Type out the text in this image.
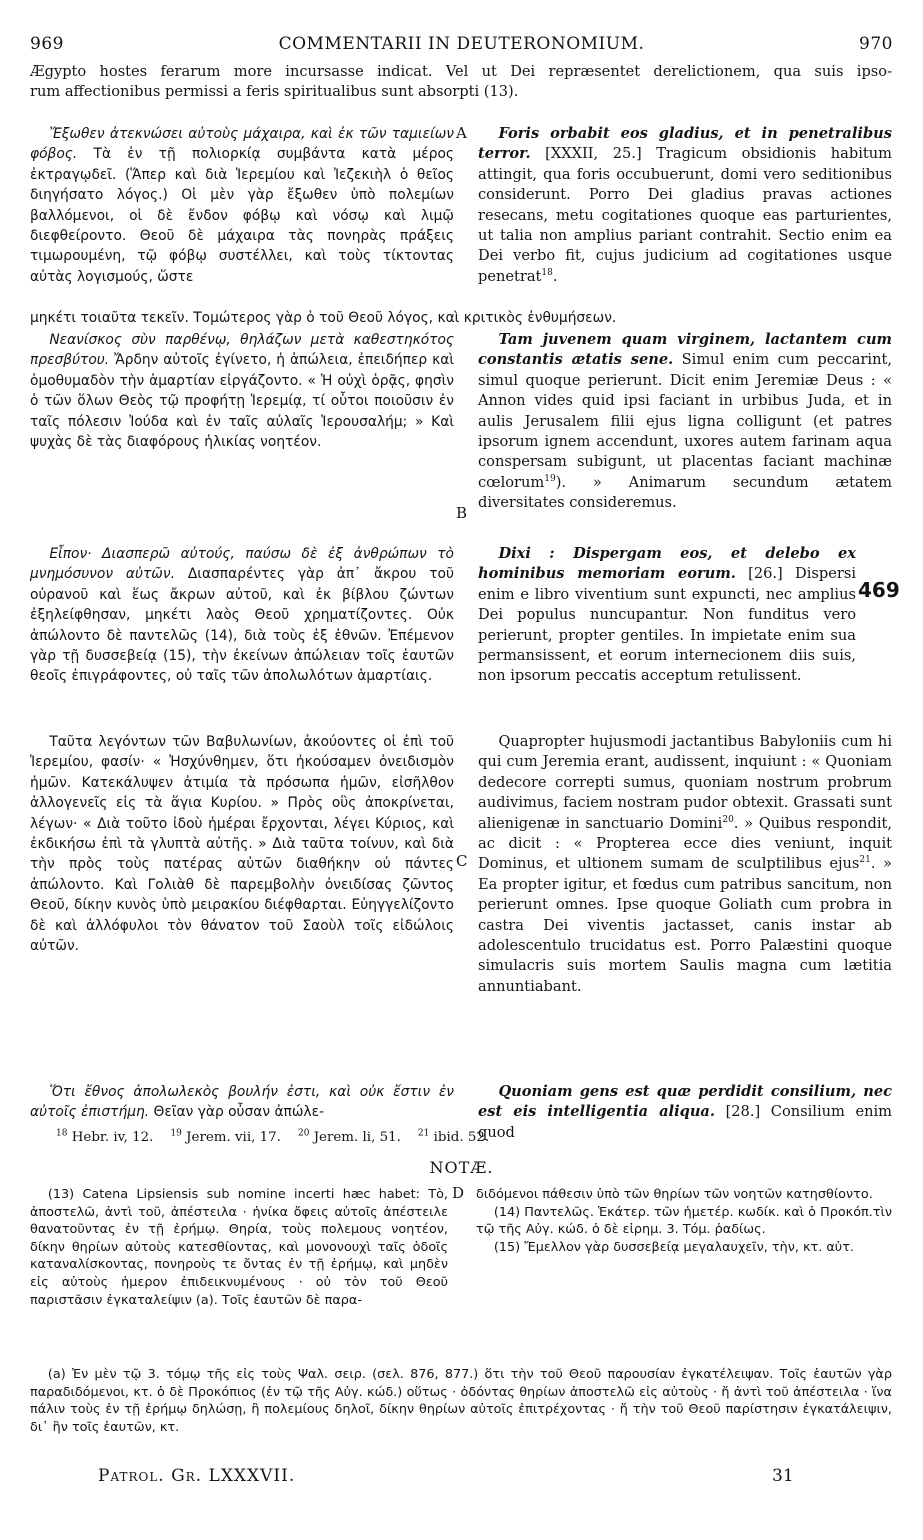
969	COMMENTARII IN DEUTERONOMIUM.	970

Ægypto hostes ferarum more incursasse indicat. Vel ut Dei repræsentet derelictionem, qua suis ipso-

rum affectionibus permissi a feris spiritualibus sunt absorpti (13).

A
B
C
D
469

Ἔξωθεν ἀτεκνώσει αὐτοὺς μάχαιρα, καὶ ἐκ τῶν ταμιείων φόβος. Τὰ ἐν τῇ πολιορκίᾳ συμβάντα κατὰ μέρος ἐκτραγῳδεῖ. (Ἅπερ καὶ διὰ Ἱερεμίου καὶ Ἰεζεκιὴλ ὁ θεῖος διηγήσατο λόγος.) Οἱ μὲν γὰρ ἔξωθεν ὑπὸ πολεμίων βαλλόμενοι, οἱ δὲ ἔνδον φόβῳ καὶ νόσῳ καὶ λιμῷ διεφθείροντο. Θεοῦ δὲ μάχαιρα τὰς πονηρὰς πράξεις τιμωρουμένη, τῷ φόβῳ συστέλλει, καὶ τοὺς τίκτοντας αὐτὰς λογισμούς, ὥστε

Foris orbabit eos gladius, et in penetralibus terror. [XXXII, 25.] Tragicum obsidionis habitum attingit, qua foris occubuerunt, domi vero seditionibus considerunt. Porro Dei gladius pravas actiones resecans, metu cogitationes quoque eas parturientes, ut talia non amplius pariant contrahit. Sectio enim ea Dei verbo fit, cujus judicium ad cogitationes usque penetrat$^{18}$.

μηκέτι τοιαῦτα τεκεῖν. Τομώτερος γὰρ ὁ τοῦ Θεοῦ λόγος, καὶ κριτικὸς ἐνθυμήσεων.

Νεανίσκος σὺν παρθένῳ, θηλάζων μετὰ καθεστηκότος πρεσβύτου. Ἄρδην αὐτοῖς ἐγίνετο, ἡ ἀπώλεια, ἐπειδήπερ καὶ ὁμοθυμαδὸν τὴν ἁμαρτίαν εἰργάζοντο. « Ἡ οὐχὶ ὁρᾷς, φησὶν ὁ τῶν ὅλων Θεὸς τῷ προφήτῃ Ἱερεμίᾳ, τί οὗτοι ποιοῦσιν ἐν ταῖς πόλεσιν Ἰούδα καὶ ἐν ταῖς αὐλαῖς Ἱερουσαλήμ; » Καὶ ψυχὰς δὲ τὰς διαφόρους ἡλικίας νοητέον.

Tam juvenem quam virginem, lactantem cum constantis ætatis sene. Simul enim cum peccarint, simul quoque perierunt. Dicit enim Jeremiæ Deus : « Annon vides quid ipsi faciant in urbibus Juda, et in aulis Jerusalem filii ejus ligna colligunt (et patres ipsorum ignem accendunt, uxores autem farinam aqua conspersam subigunt, ut placentas faciant machinæ cœlorum$^{19}$). » Animarum secundum ætatem diversitates consideremus.

Εἶπον· Διασπερῶ αὐτούς, παύσω δὲ ἐξ ἀνθρώπων τὸ μνημόσυνον αὐτῶν. Διασπαρέντες γὰρ ἀπ᾽ ἄκρου τοῦ οὐρανοῦ καὶ ἕως ἄκρων αὐτοῦ, καὶ ἐκ βίβλου ζώντων ἐξηλείφθησαν, μηκέτι λαὸς Θεοῦ χρηματίζοντες. Οὐκ ἀπώλοντο δὲ παντελῶς (14), διὰ τοὺς ἐξ ἐθνῶν. Ἐπέμενον γὰρ τῇ δυσσεβείᾳ (15), τὴν ἐκείνων ἀπώλειαν τοῖς ἑαυτῶν θεοῖς ἐπιγράφοντες, οὐ ταῖς τῶν ἀπολωλότων ἁμαρτίαις.

Dixi : Dispergam eos, et delebo ex hominibus memoriam eorum. [26.] Dispersi enim e libro viventium sunt expuncti, nec amplius Dei populus nuncupantur. Non funditus vero perierunt, propter gentiles. In impietate enim sua permansissent, et eorum internecionem diis suis, non ipsorum peccatis acceptum retulissent.

Ταῦτα λεγόντων τῶν Βαβυλωνίων, ἀκούοντες οἱ ἐπὶ τοῦ Ἱερεμίου, φασίν· « Ἠσχύνθημεν, ὅτι ἠκούσαμεν ὀνειδισμὸν ἡμῶν. Κατεκάλυψεν ἀτιμία τὰ πρόσωπα ἡμῶν, εἰσῆλθον ἀλλογενεῖς εἰς τὰ ἅγια Κυρίου. » Πρὸς οὓς ἀποκρίνεται, λέγων· « Διὰ τοῦτο ἰδοὺ ἡμέραι ἔρχονται, λέγει Κύριος, καὶ ἐκδικήσω ἐπὶ τὰ γλυπτὰ αὐτῆς. » Διὰ ταῦτα τοίνυν, καὶ διὰ τὴν πρὸς τοὺς πατέρας αὐτῶν διαθήκην οὐ πάντες ἀπώλοντο. Καὶ Γολιὰθ δὲ παρεμβολὴν ὀνειδίσας ζῶντος Θεοῦ, δίκην κυνὸς ὑπὸ μειρακίου διέφθαρται. Εὐηγγελίζοντο δὲ καὶ ἀλλόφυλοι τὸν θάνατον τοῦ Σαοὺλ τοῖς εἰδώλοις αὐτῶν.

Quapropter hujusmodi jactantibus Babyloniis cum hi qui cum Jeremia erant, audissent, inquiunt : « Quoniam dedecore correpti sumus, quoniam nostrum probrum audivimus, faciem nostram pudor obtexit. Grassati sunt alienigenæ in sanctuario Domini$^{20}$. » Quibus respondit, ac dicit : « Propterea ecce dies veniunt, inquit Dominus, et ultionem sumam de sculptilibus ejus$^{21}$. » Ea propter igitur, et fœdus cum patribus sancitum, non perierunt omnes. Ipse quoque Goliath cum probra in castra Dei viventis jactasset, canis instar ab adolescentulo trucidatus est. Porro Palæstini quoque simulacris suis mortem Saulis magna cum lætitia annuntiabant.

Ὅτι ἔθνος ἀπολωλεκὸς βουλήν ἐστι, καὶ οὐκ ἔστιν ἐν αὐτοῖς ἐπιστήμη. Θεῖαν γὰρ οὖσαν ἀπώλε-

Quoniam gens est quæ perdidit consilium, nec est eis intelligentia aliqua. [28.] Consilium enim quod

$^{18}$ Hebr. iv, 12. $^{19}$ Jerem. vii, 17. $^{20}$ Jerem. li, 51. $^{21}$ ibid. 52.
NOTÆ.

(13) Catena Lipsiensis sub nomine incerti hæc habet: Τὸ, ἀποστελῶ, ἀντὶ τοῦ, ἀπέστειλα · ἡνίκα ὄφεις αὐτοῖς ἀπέστειλε θανατοῦντας ἐν τῇ ἐρήμῳ. Θηρία, τοὺς πολεμους νοητέον, δίκην θηρίων αὐτοὺς κατεσθίοντας, καὶ μονονουχὶ ταῖς ὁδοῖς καταναλίσκοντας, πονηροὺς τε ὄντας ἐν τῇ ἐρήμῳ, καὶ μηδὲν εἰς αὐτοὺς ἡμερον ἐπιδεικνυμένους · οὐ τὸν τοῦ Θεοῦ παριστᾶσιν ἐγκαταλείψιν (a). Τοῖς ἑαυτῶν δὲ παρα-

διδόμενοι πάθεσιν ὑπὸ τῶν θηρίων τῶν νοητῶν κατησθίοντο.

(14) Παντελῶς. Ἑκάτερ. τῶν ἡμετέρ. κωδίκ. καὶ ὁ Προκόπ.τὶν τῷ τῆς Αὐγ. κώδ. ὁ δὲ εἰρημ. 3. Τόμ. ῥαδίως.

(15) Ἔμελλον γὰρ δυσσεβείᾳ μεγαλαυχεῖν, τὴν, κτ. αὐτ.

(a) Ἐν μὲν τῷ 3. τόμῳ τῆς εἰς τοὺς Ψαλ. σειρ. (σελ. 876, 877.) ὅτι τὴν τοῦ Θεοῦ παρουσίαν ἐγκατέλειψαν. Τοῖς ἑαυτῶν γὰρ παραδιδόμενοι, κτ. ὁ δὲ Προκόπιος (ἐν τῷ τῆς Αὐγ. κώδ.) οὕτως · ὀδόντας θηρίων ἀποστελῶ εἰς αὐτοὺς · ἤ ἀντὶ τοῦ ἀπέστειλα · ἵνα πάλιν τοὺς ἐν τῇ ἐρήμῳ δηλώσῃ, ἢ πολεμίους δηλοῖ, δίκην θηρίων αὐτοῖς ἐπιτρέχοντας · ἤ τὴν τοῦ Θεοῦ παρίστησιν ἐγκατάλειψιν, δι᾽ ἣν τοῖς ἑαυτῶν, κτ.

Patrol. Gr. LXXXVII.	31
